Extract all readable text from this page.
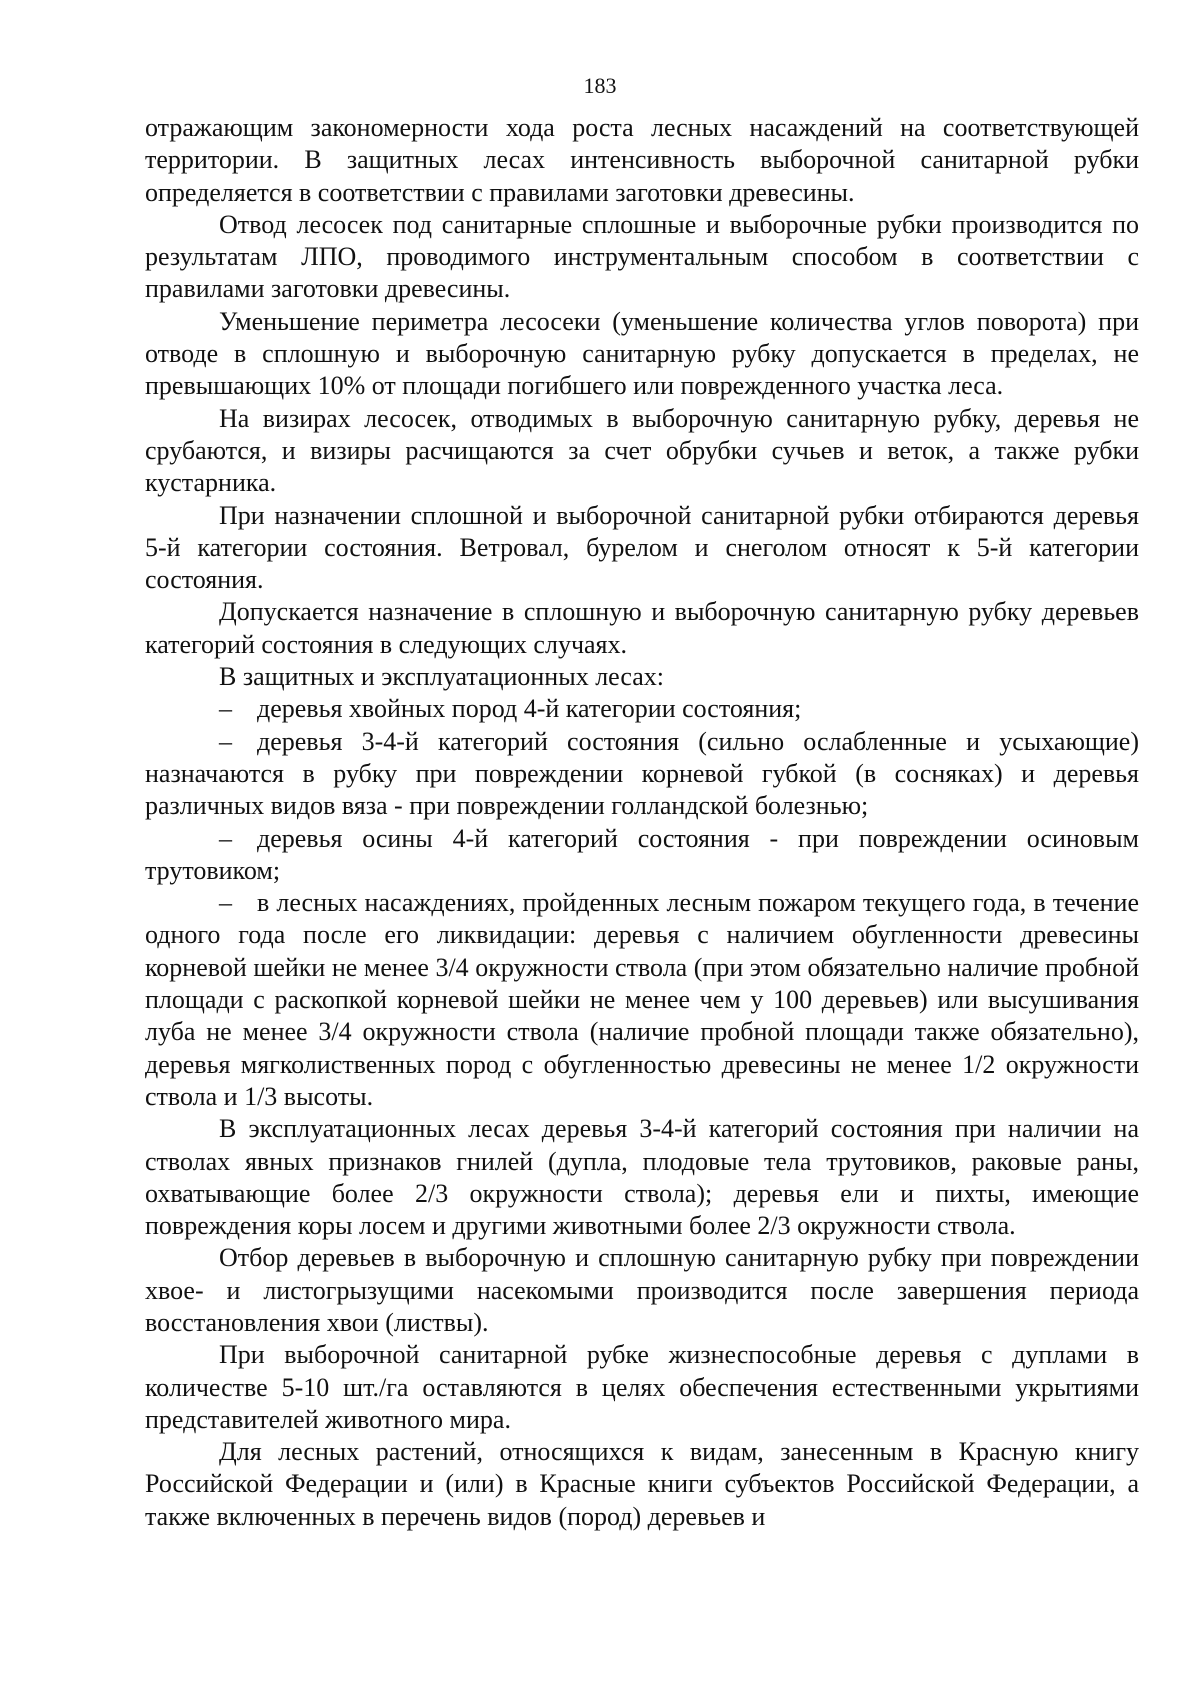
183

отражающим закономерности хода роста лесных насаждений на соответствующей территории. В защитных лесах интенсивность выборочной санитарной рубки определяется в соответствии с правилами заготовки древесины.

Отвод лесосек под санитарные сплошные и выборочные рубки производится по результатам ЛПО, проводимого инструментальным способом в соответствии с правилами заготовки древесины.

Уменьшение периметра лесосеки (уменьшение количества углов поворота) при отводе в сплошную и выборочную санитарную рубку допускается в пределах, не превышающих 10% от площади погибшего или поврежденного участка леса.

На визирах лесосек, отводимых в выборочную санитарную рубку, деревья не срубаются, и визиры расчищаются за счет обрубки сучьев и веток, а также рубки кустарника.

При назначении сплошной и выборочной санитарной рубки отбираются деревья 5-й категории состояния. Ветровал, бурелом и снеголом относят к 5-й категории состояния.

Допускается назначение в сплошную и выборочную санитарную рубку деревьев категорий состояния в следующих случаях.

В защитных и эксплуатационных лесах:

– деревья хвойных пород 4-й категории состояния;

– деревья 3-4-й категорий состояния (сильно ослабленные и усыхающие) назначаются в рубку при повреждении корневой губкой (в сосняках) и деревья различных видов вяза - при повреждении голландской болезнью;

– деревья осины 4-й категорий состояния - при повреждении осиновым трутовиком;

– в лесных насаждениях, пройденных лесным пожаром текущего года, в течение одного года после его ликвидации: деревья с наличием обугленности древесины корневой шейки не менее 3/4 окружности ствола (при этом обязательно наличие пробной площади с раскопкой корневой шейки не менее чем у 100 деревьев) или высушивания луба не менее 3/4 окружности ствола (наличие пробной площади также обязательно), деревья мягколиственных пород с обугленностью древесины не менее 1/2 окружности ствола и 1/3 высоты.

В эксплуатационных лесах деревья 3-4-й категорий состояния при наличии на стволах явных признаков гнилей (дупла, плодовые тела трутовиков, раковые раны, охватывающие более 2/3 окружности ствола); деревья ели и пихты, имеющие повреждения коры лосем и другими животными более 2/3 окружности ствола.

Отбор деревьев в выборочную и сплошную санитарную рубку при повреждении хвое- и листогрызущими насекомыми производится после завершения периода восстановления хвои (листвы).

При выборочной санитарной рубке жизнеспособные деревья с дуплами в количестве 5-10 шт./га оставляются в целях обеспечения естественными укрытиями представителей животного мира.

Для лесных растений, относящихся к видам, занесенным в Красную книгу Российской Федерации и (или) в Красные книги субъектов Российской Федерации, а также включенных в перечень видов (пород) деревьев и
